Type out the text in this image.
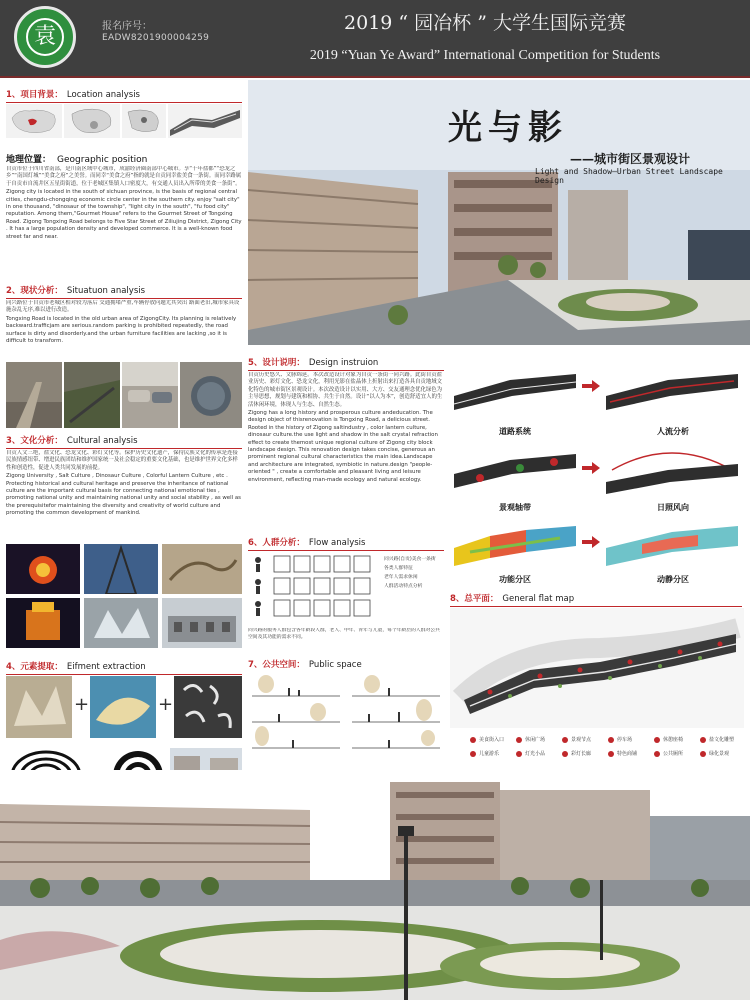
袁	报名序号：
EADW8201900004259
2019 “ 园冶杯 ” 大学生国际竞赛
2019 “Yuan Ye Award” International Competition for Students
1、项目背景： Location analysis
地理位置： Geographic position

自贡市位于四川省南部，是川南区域中心城市，成渝经济圈南部中心城市。享“千年盐都”“恐龙之乡”“南国灯城”“美食之府”之美誉。而同幸“美食之府”指的就是自贡同幸盐美食一条街。而同幸路属于自贡市自流井区五星街街道，位于老城区集镇人口密度大，有交通人员出入所带的美食一条街”。

Zigong city is located in the south of sichuan province, is the basis of regional central cities, chengdu-chongqing economic circle center in the southern city. enjoy "salt city" in one thousand, "dinosaur of the township", "light city in the south", "fu food city" reputation. Among them,"Gourmet House" refers to the Gourmet Street of Tongxing Road. Zigong Tongxing Road belongs to Five Star Street of Ziliujing District, Zigong City . It has a large population density and developed commerce. It is a well-known food street far and near.

2、现状分析： Situatuon analysis

同兴路位于自贡市老城区相对较为落后 交通拥堵严重,车辆停放问题尤其突出 路面老旧,城市家具设施杂乱无序,难以进行改造。

Tongxing Road is located in the old urban area of ZigongCity. Its planning is relatively backward.trafficjam are serious.random parking is prohibited repeatedly, the road surface is dirty and disorderly.and the urban furniture facilities are lacking ,so it is difficult to transform.

3、文化分析： Cultural analysis

自贡人文三绝，盐文化、恐龙文化、彩灯文化等。保护历史文化遗产，保持民族文化的传承是连接民族情感纽带、增进民族团结和维护国家统一及社会稳定的重要文化基础，也是维护世界文化多样性和创造性，促进人类共同发展的前提。

Zigong University , Salt Culture , Dinosaur Culture , Colorful Lantern Culture , etc . Protecting historical and cultural heritage and preserve the inheritance of national culture are the important cultural basis for connecting national emotional ties , promoting national unity and maintaining national unity and social stability , as well as the prerequisitefor maintaining the diversity and creativity of world culture and promoting the common development of mankind.

4、元素提取： Eifment extraction
+	+
光与影
——城市街区景观设计
Light and Shadow—Urban Street Landscape Design
5、设计说明： Design instruion

自贡历史悠久、文脉绵延。本次改造设计对象为自贡一条街一同兴路。此街自贡盐业历史、彩灯文化、恐龙文化，利用光影在盐晶体上折射出来打造各具自贡地域文化特色的城市街区景观设计。本次改造设计以实用、大方、交友通理念优化绿色为主导思想，规划与建筑和相协、共生于自然。设计“以人为本”，创造舒适宜人的生活休闲环境，体现人与生态、自然生态。

Zigong has a long history and prosperous culture andeducation. The design object of thisrenovation is Tongxing Road, a delicious street. Rooted in the history of Zigong saltindustry , color lantern culture, dinosaur culture.the use light and shadow in the salt crystal refraction effect to create themost unique regional culture of Zigong city block landscape design. This renovation design takes concise, generous an prominent regional cultural characteristics the main idea.Landscape and architecture are integrated, symbiotic in nature.design "people-oriented " , create a comfortable and pleasant living and leisure environment, reflecting man-made ecology and natural ecology.

道路系统	人流分析
景观轴带	日照风向
功能分区	动静分区
6、人群分析： Flow analysis

同兴路(自贡)美食一条街

各类人群特征

老年人需求休闲

人群活动特点分析

同兴路的服务人群包含各年龄段人群，老人、中年、青年与儿童，每个年龄层的人群对公共空间及其功能的需求不同。
7、公共空间： Public space
8、总平面： General flat map
美食街入口	休闲广场	景观节点	停车场	休憩座椅	盐文化雕塑
儿童游乐	灯光小品	彩灯长廊	特色商铺	公共厕所	绿化景观
